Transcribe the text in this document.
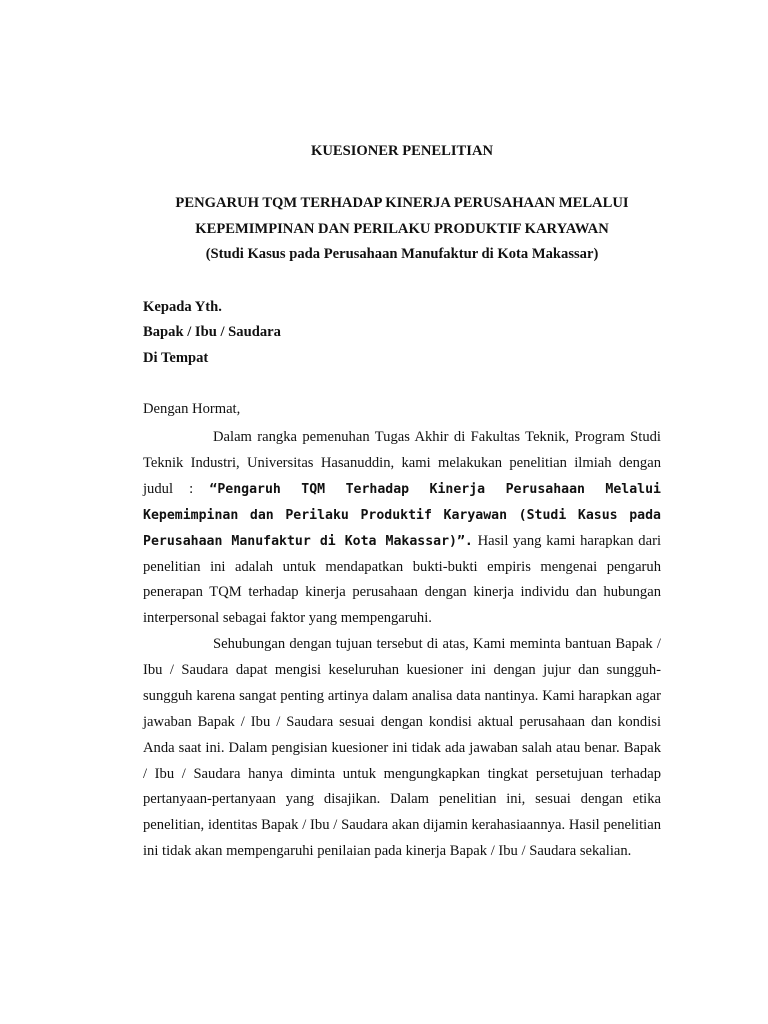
KUESIONER PENELITIAN
PENGARUH TQM TERHADAP KINERJA PERUSAHAAN MELALUI
KEPEMIMPINAN DAN PERILAKU PRODUKTIF KARYAWAN
(Studi Kasus pada Perusahaan Manufaktur di Kota Makassar)
Kepada Yth.
Bapak / Ibu / Saudara
Di Tempat
Dengan Hormat,

Dalam rangka pemenuhan Tugas Akhir di Fakultas Teknik, Program Studi Teknik Industri, Universitas Hasanuddin, kami melakukan penelitian ilmiah dengan judul : “Pengaruh TQM Terhadap Kinerja Perusahaan Melalui Kepemimpinan dan Perilaku Produktif Karyawan (Studi Kasus pada Perusahaan Manufaktur di Kota Makassar)”. Hasil yang kami harapkan dari penelitian ini adalah untuk mendapatkan bukti-bukti empiris mengenai pengaruh penerapan TQM terhadap kinerja perusahaan dengan kinerja individu dan hubungan interpersonal sebagai faktor yang mempengaruhi.

Sehubungan dengan tujuan tersebut di atas, Kami meminta bantuan Bapak / Ibu / Saudara dapat mengisi keseluruhan kuesioner ini dengan jujur dan sungguh-sungguh karena sangat penting artinya dalam analisa data nantinya. Kami harapkan agar jawaban Bapak / Ibu / Saudara sesuai dengan kondisi aktual perusahaan dan kondisi Anda saat ini. Dalam pengisian kuesioner ini tidak ada jawaban salah atau benar. Bapak / Ibu / Saudara hanya diminta untuk mengungkapkan tingkat persetujuan terhadap pertanyaan-pertanyaan yang disajikan. Dalam penelitian ini, sesuai dengan etika penelitian, identitas Bapak / Ibu / Saudara akan dijamin kerahasiaannya. Hasil penelitian ini tidak akan mempengaruhi penilaian pada kinerja Bapak / Ibu / Saudara sekalian.
